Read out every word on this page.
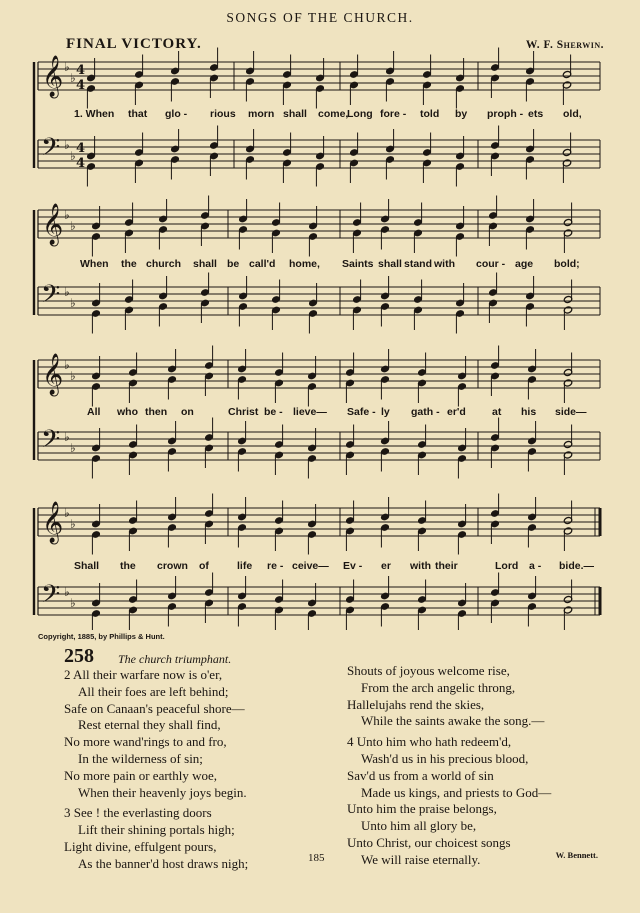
SONGS OF THE CHURCH.
FINAL VICTORY.	W. F. Sherwin.
𝄞 ♭
♭ 4
4
𝄢 ♭
♭ 4
4
𝄞 ♭
♭
𝄢 ♭
♭
𝄞 ♭
♭
𝄢 ♭
♭
𝄞 ♭
♭
𝄢 ♭
♭
1. When that glo - rious morn shall come,
Long fore - told by proph - ets old,
When the church shall be call'd home, Saints shall stand with cour - age bold;
All who then on	Christ be - lieve— Safe - ly gath - er'd at his side—
Shall the crown of	life re - ceive— Ev - er with their	Lord a - bide.—
Copyright, 1885, by Phillips & Hunt.
258 The church triumphant.
2 All their warfare now is o'er,
All their foes are left behind;
Safe on Canaan's peaceful shore—
Rest eternal they shall find,
No more wand'rings to and fro,
In the wilderness of sin;
No more pain or earthly woe,
When their heavenly joys begin.

3 See ! the everlasting doors
Lift their shining portals high;
Light divine, effulgent pours,
As the banner'd host draws nigh;
Shouts of joyous welcome rise,
From the arch angelic throng,
Hallelujahs rend the skies,
While the saints awake the song.—

4 Unto him who hath redeem'd,
Wash'd us in his precious blood,
Sav'd us from a world of sin
Made us kings, and priests to God—
Unto him the praise belongs,
Unto him all glory be,
Unto Christ, our choicest songs
We will raise eternally.
185	W. Bennett.
